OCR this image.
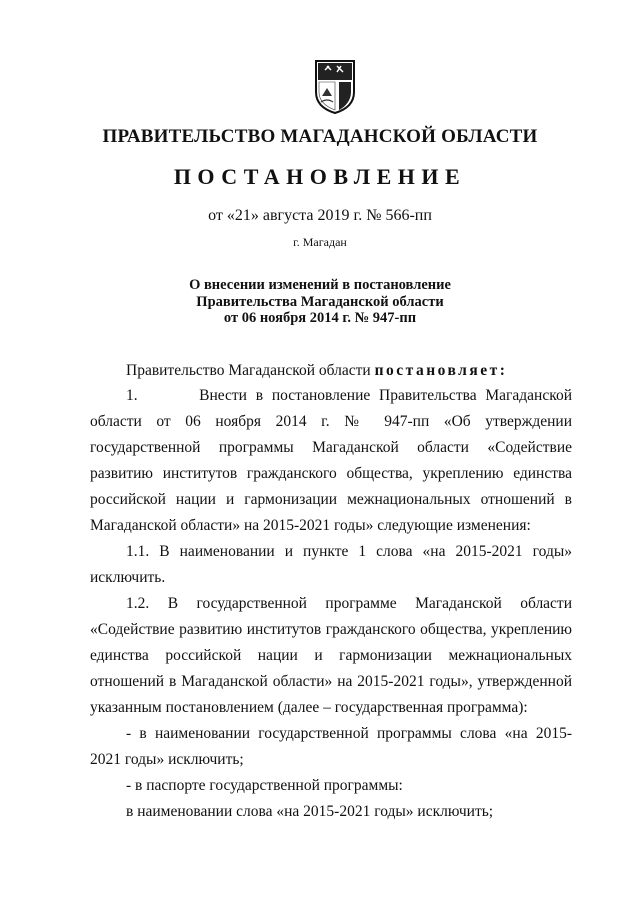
ПРАВИТЕЛЬСТВО МАГАДАНСКОЙ ОБЛАСТИ
ПОСТАНОВЛЕНИЕ
от «21» августа 2019 г. № 566-пп
г. Магадан
О внесении изменений в постановление
Правительства Магаданской области
от 06 ноября 2014 г. № 947-пп
Правительство Магаданской области постановляет:
1.	Внести в постановление Правительства Магаданской области от 06 ноября 2014 г. № 947-пп «Об утверждении государственной программы Магаданской области «Содействие развитию институтов гражданского общества, укреплению единства российской нации и гармонизации межнациональных отношений в Магаданской области» на 2015-2021 годы» следующие изменения:
1.1. В наименовании и пункте 1 слова «на 2015-2021 годы» исключить.
1.2. В государственной программе Магаданской области «Содействие развитию институтов гражданского общества, укреплению единства российской нации и гармонизации межнациональных отношений в Магаданской области» на 2015-2021 годы», утвержденной указанным постановлением (далее – государственная программа):
- в наименовании государственной программы слова «на 2015-2021 годы» исключить;
- в паспорте государственной программы:
в наименовании слова «на 2015-2021 годы» исключить;
